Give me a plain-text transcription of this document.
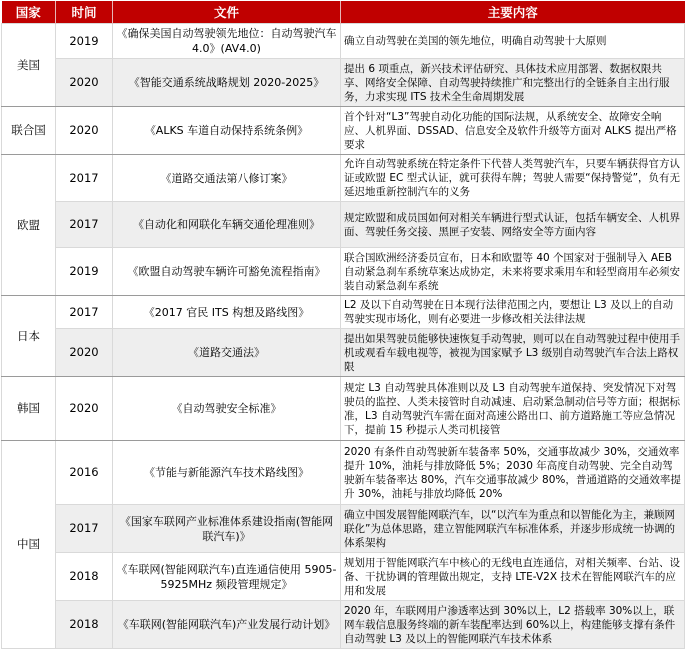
国家	时间	文件	主要内容
美国	2019	《确保美国自动驾驶领先地位：自动驾驶汽车 4.0》(AV4.0)	确立自动驾驶在美国的领先地位，明确自动驾驶十大原则
	2020	《智能交通系统战略规划 2020-2025》	提出 6 项重点，新兴技术评估研究、具体技术应用部署、数据权限共享、网络安全保障、自动驾驶持续推广和完整出行的全链条自主出行服务，力求实现 ITS 技术全生命周期发展
联合国	2020	《ALKS 车道自动保持系统条例》	首个针对“L3”驾驶自动化功能的国际法规，从系统安全、故障安全响应、人机界面、DSSAD、信息安全及软件升级等方面对 ALKS 提出严格要求
欧盟	2017	《道路交通法第八修订案》	允许自动驾驶系统在特定条件下代替人类驾驶汽车，只要车辆获得官方认证或欧盟 EC 型式认证，就可获得车牌；驾驶人需要“保持警觉”，负有无延迟地重新控制汽车的义务
	2017	《自动化和网联化车辆交通伦理准则》	规定欧盟和成员国如何对相关车辆进行型式认证，包括车辆安全、人机界面、驾驶任务交接、黑匣子安装、网络安全等方面内容
	2019	《欧盟自动驾驶车辆许可豁免流程指南》	联合国欧洲经济委员宣布，日本和欧盟等 40 个国家对于强制导入 AEB 自动紧急刹车系统草案达成协定，未来将要求乘用车和轻型商用车必须安装自动紧急刹车系统
日本	2017	《2017 官民 ITS 构想及路线图》	L2 及以下自动驾驶在日本现行法律范围之内，要想让 L3 及以上的自动驾驶实现市场化，则有必要进一步修改相关法律法规
	2020	《道路交通法》	提出如果驾驶员能够快速恢复手动驾驶，则可以在自动驾驶过程中使用手机或观看车载电视等，被视为国家赋予 L3 级别自动驾驶汽车合法上路权限
韩国	2020	《自动驾驶安全标准》	规定 L3 自动驾驶具体准则以及 L3 自动驾驶车道保持、突发情况下对驾驶员的监控、人类未接管时自动减速、启动紧急制动信号等方面；根据标准，L3 自动驾驶汽车需在面对高速公路出口、前方道路施工等应急情况下，提前 15 秒提示人类司机接管
中国	2016	《节能与新能源汽车技术路线图》	2020 有条件自动驾驶新车装备率 50%，交通事故减少 30%，交通效率提升 10%，油耗与排放降低 5%；2030 年高度自动驾驶、完全自动驾驶新车装备率达 80%，汽车交通事故减少 80%，普通道路的交通效率提升 30%，油耗与排放均降低 20%
	2017	《国家车联网产业标准体系建设指南(智能网联汽车)》	确立中国发展智能网联汽车，以“以汽车为重点和以智能化为主，兼顾网联化”为总体思路，建立智能网联汽车标准体系，并逐步形成统一协调的体系架构
	2018	《车联网(智能网联汽车)直连通信使用 5905-5925MHz 频段管理规定》	规划用于智能网联汽车中核心的无线电直连通信，对相关频率、台站、设备、干扰协调的管理做出规定，支持 LTE-V2X 技术在智能网联汽车的应用和发展
	2018	《车联网(智能网联汽车)产业发展行动计划》	2020 年，车联网用户渗透率达到 30%以上，L2 搭载率 30%以上，联网车载信息服务终端的新车装配率达到 60%以上，构建能够支撑有条件自动驾驶 L3 及以上的智能网联汽车技术体系
